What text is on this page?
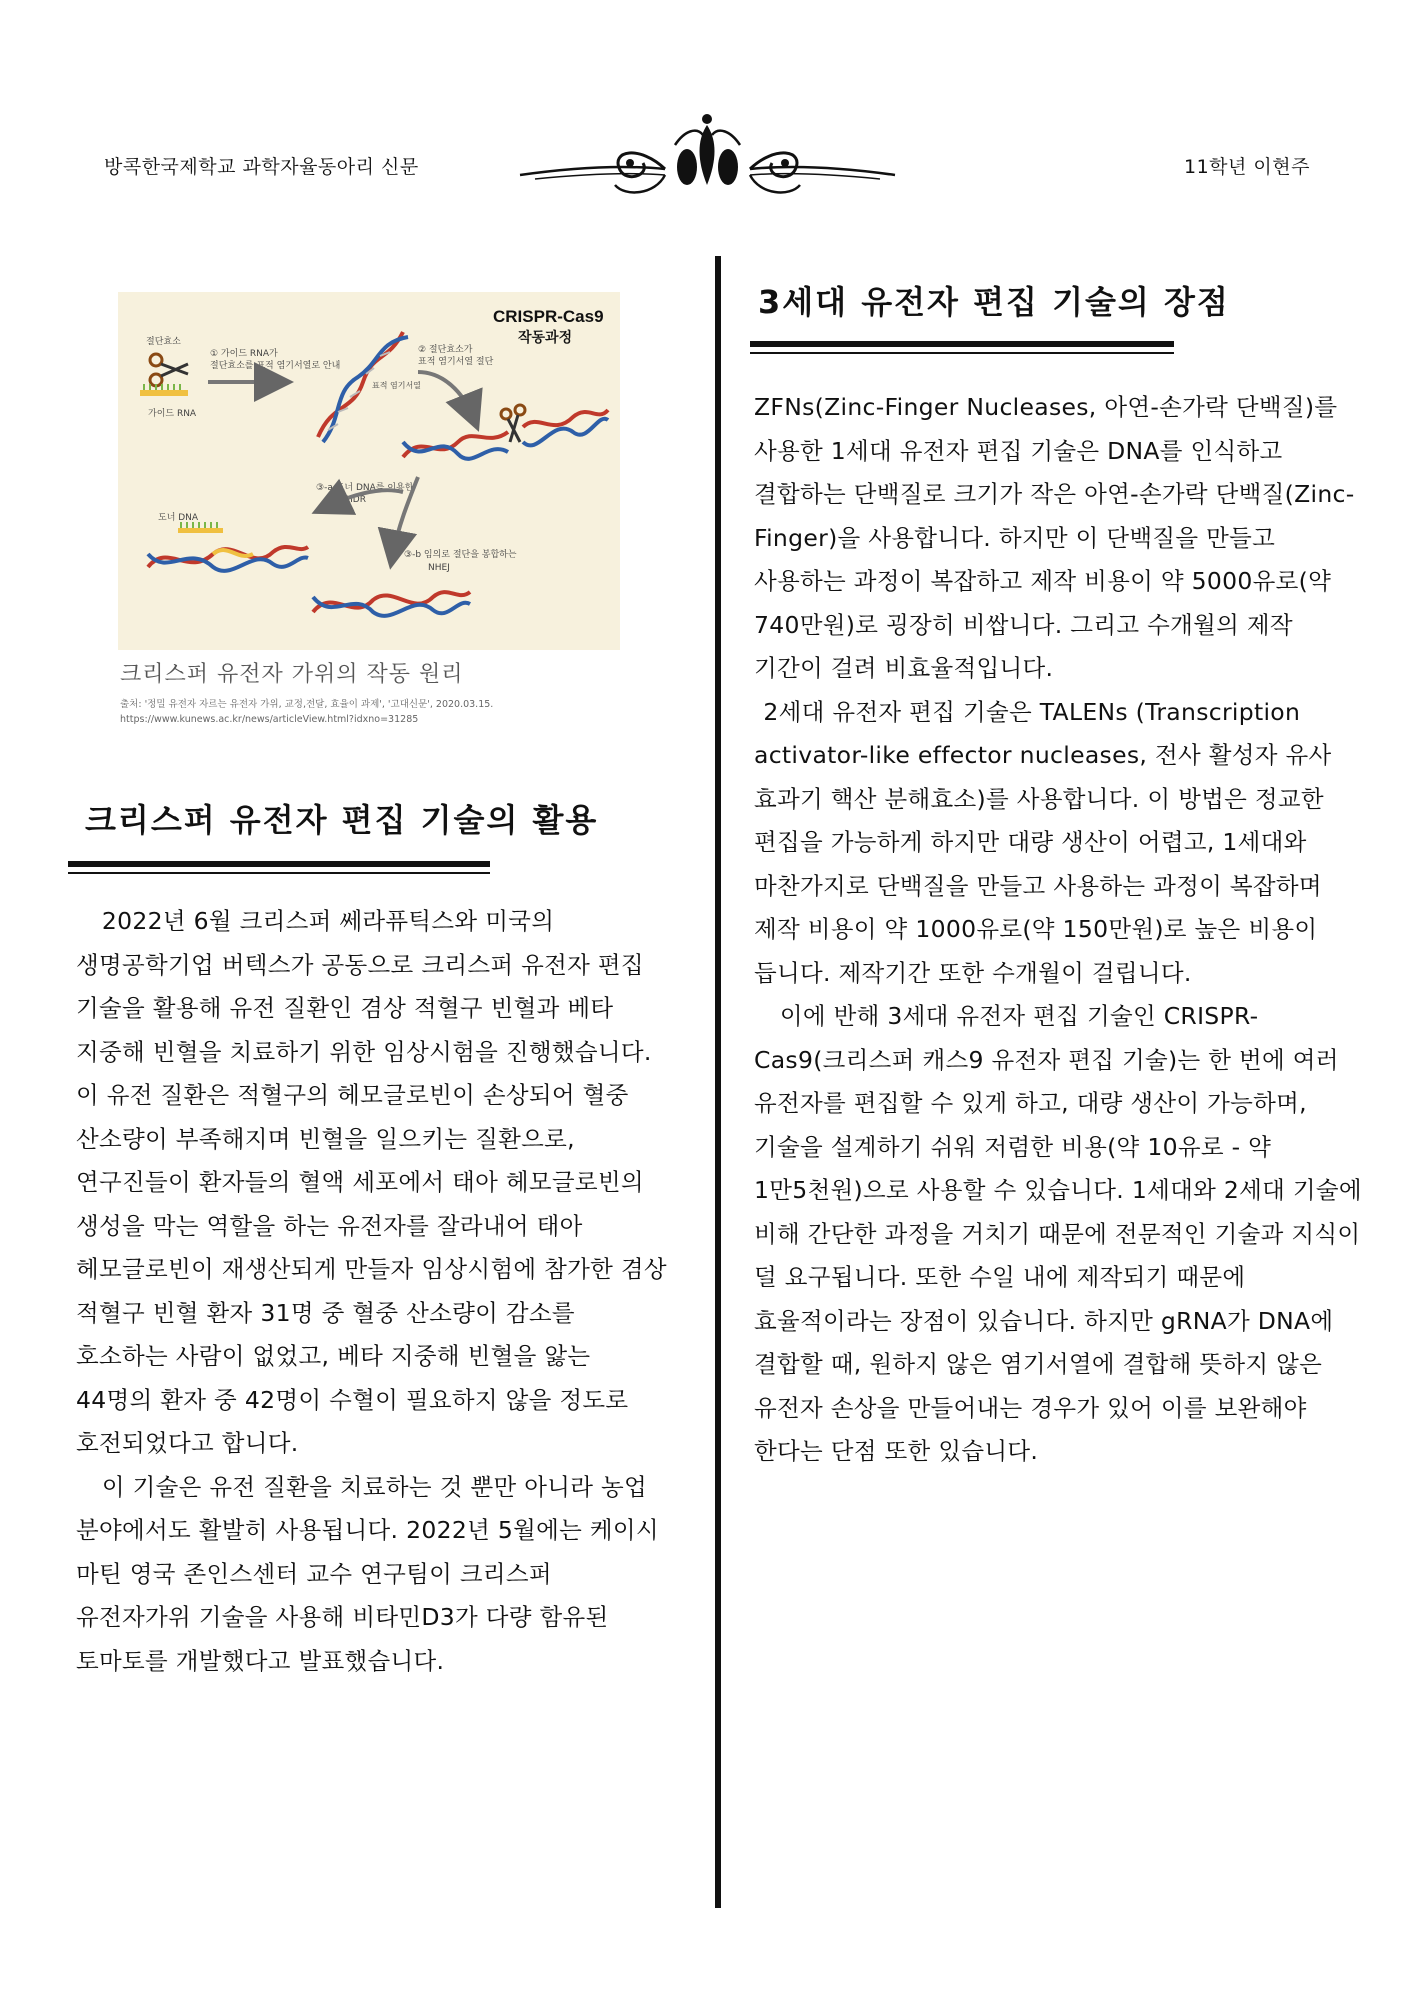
방콕한국제학교 과학자율동아리 신문	11학년 이현주
CRISPR-Cas9
작동과정
절단효소
가이드 RNA
① 가이드 RNA가
절단효소를 표적 염기서열로 안내
표적 염기서열
② 절단효소가
표적 염기서열 절단
③-a 도너 DNA를 이용한
HDR
도너 DNA
③-b 임의로 절단을 봉합하는
NHEJ
크리스퍼 유전자 가위의 작동 원리
출처: '정밀 유전자 자르는 유전자 가위, 교정,전달, 효율이 과제', '고대신문', 2020.03.15.
https://www.kunews.ac.kr/news/articleView.html?idxno=31285
크리스퍼 유전자 편집 기술의 활용

2022년 6월 크리스퍼 쎄라퓨틱스와 미국의 생명공학기업 버텍스가 공동으로 크리스퍼 유전자 편집 기술을 활용해 유전 질환인 겸상 적혈구 빈혈과 베타 지중해 빈혈을 치료하기 위한 임상시험을 진행했습니다. 이 유전 질환은 적혈구의 헤모글로빈이 손상되어 혈중 산소량이 부족해지며 빈혈을 일으키는 질환으로, 연구진들이 환자들의 혈액 세포에서 태아 헤모글로빈의 생성을 막는 역할을 하는 유전자를 잘라내어 태아 헤모글로빈이 재생산되게 만들자 임상시험에 참가한 겸상 적혈구 빈혈 환자 31명 중 혈중 산소량이 감소를 호소하는 사람이 없었고, 베타 지중해 빈혈을 앓는 44명의 환자 중 42명이 수혈이 필요하지 않을 정도로 호전되었다고 합니다.

이 기술은 유전 질환을 치료하는 것 뿐만 아니라 농업 분야에서도 활발히 사용됩니다. 2022년 5월에는 케이시 마틴 영국 존인스센터 교수 연구팀이 크리스퍼 유전자가위 기술을 사용해 비타민D3가 다량 함유된 토마토를 개발했다고 발표했습니다.

3세대 유전자 편집 기술의 장점

ZFNs(Zinc-Finger Nucleases, 아연-손가락 단백질)를 사용한 1세대 유전자 편집 기술은 DNA를 인식하고 결합하는 단백질로 크기가 작은 아연-손가락 단백질(Zinc-Finger)을 사용합니다. 하지만 이 단백질을 만들고 사용하는 과정이 복잡하고 제작 비용이 약 5000유로(약 740만원)로 굉장히 비쌉니다. 그리고 수개월의 제작 기간이 걸려 비효율적입니다.

2세대 유전자 편집 기술은 TALENs (Transcription activator-like effector nucleases, 전사 활성자 유사 효과기 핵산 분해효소)를 사용합니다. 이 방법은 정교한 편집을 가능하게 하지만 대량 생산이 어렵고, 1세대와 마찬가지로 단백질을 만들고 사용하는 과정이 복잡하며 제작 비용이 약 1000유로(약 150만원)로 높은 비용이 듭니다. 제작기간 또한 수개월이 걸립니다.

이에 반해 3세대 유전자 편집 기술인 CRISPR-Cas9(크리스퍼 캐스9 유전자 편집 기술)는 한 번에 여러 유전자를 편집할 수 있게 하고, 대량 생산이 가능하며, 기술을 설계하기 쉬워 저렴한 비용(약 10유로 - 약 1만5천원)으로 사용할 수 있습니다. 1세대와 2세대 기술에 비해 간단한 과정을 거치기 때문에 전문적인 기술과 지식이 덜 요구됩니다. 또한 수일 내에 제작되기 때문에 효율적이라는 장점이 있습니다. 하지만 gRNA가 DNA에 결합할 때, 원하지 않은 염기서열에 결합해 뜻하지 않은 유전자 손상을 만들어내는 경우가 있어 이를 보완해야 한다는 단점 또한 있습니다.
